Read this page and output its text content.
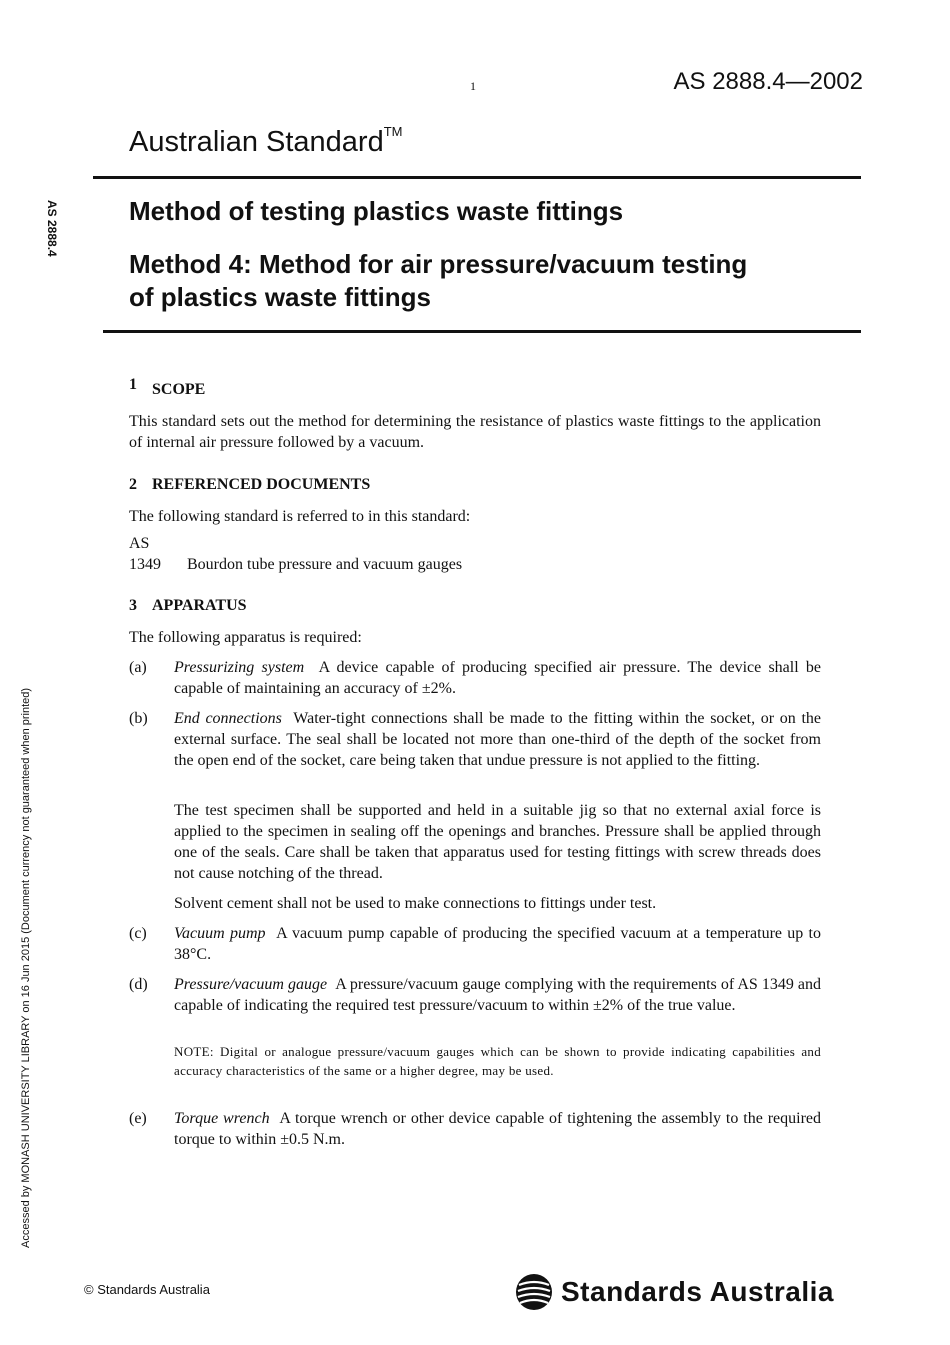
1	AS 2888.4—2002
Australian Standard™
Method of testing plastics waste fittings
Method 4: Method for air pressure/vacuum testing of plastics waste fittings
AS 2888.4
Accessed by MONASH UNIVERSITY LIBRARY on 16 Jun 2015 (Document currency not guaranteed when printed)
1 SCOPE
This standard sets out the method for determining the resistance of plastics waste fittings to the application of internal air pressure followed by a vacuum.
2 REFERENCED DOCUMENTS
The following standard is referred to in this standard:
AS
1349 Bourdon tube pressure and vacuum gauges
3 APPARATUS
The following apparatus is required:
(a) Pressurizing system A device capable of producing specified air pressure. The device shall be capable of maintaining an accuracy of ±2%.
(b) End connections Water-tight connections shall be made to the fitting within the socket, or on the external surface. The seal shall be located not more than one-third of the depth of the socket from the open end of the socket, care being taken that undue pressure is not applied to the fitting.
The test specimen shall be supported and held in a suitable jig so that no external axial force is applied to the specimen in sealing off the openings and branches. Pressure shall be applied through one of the seals. Care shall be taken that apparatus used for testing fittings with screw threads does not cause notching of the thread.
Solvent cement shall not be used to make connections to fittings under test.
(c) Vacuum pump A vacuum pump capable of producing the specified vacuum at a temperature up to 38°C.
(d) Pressure/vacuum gauge A pressure/vacuum gauge complying with the requirements of AS 1349 and capable of indicating the required test pressure/vacuum to within ±2% of the true value.
NOTE: Digital or analogue pressure/vacuum gauges which can be shown to provide indicating capabilities and accuracy characteristics of the same or a higher degree, may be used.
(e) Torque wrench A torque wrench or other device capable of tightening the assembly to the required torque to within ±0.5 N.m.
© Standards Australia	Standards Australia
